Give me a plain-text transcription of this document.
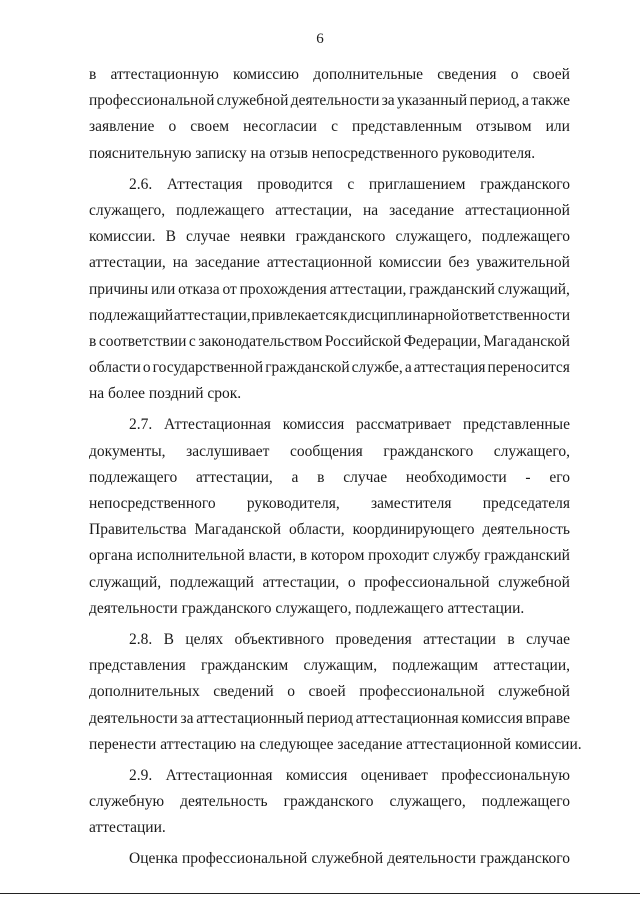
6
в аттестационную комиссию дополнительные сведения о своей
профессиональной служебной деятельности за указанный период, а также
заявление о своем несогласии с представленным отзывом или
пояснительную записку на отзыв непосредственного руководителя.
2.6. Аттестация проводится с приглашением гражданского
служащего, подлежащего аттестации, на заседание аттестационной
комиссии. В случае неявки гражданского служащего, подлежащего
аттестации, на заседание аттестационной комиссии без уважительной
причины или отказа от прохождения аттестации, гражданский служащий,
подлежащий аттестации, привлекается к дисциплинарной ответственности
в соответствии с законодательством Российской Федерации, Магаданской
области о государственной гражданской службе, а аттестация переносится
на более поздний срок.
2.7. Аттестационная комиссия рассматривает представленные
документы, заслушивает сообщения гражданского служащего,
подлежащего аттестации, а в случае необходимости - его
непосредственного руководителя, заместителя председателя
Правительства Магаданской области, координирующего деятельность
органа исполнительной власти, в котором проходит службу гражданский
служащий, подлежащий аттестации, о профессиональной служебной
деятельности гражданского служащего, подлежащего аттестации.
2.8. В целях объективного проведения аттестации в случае
представления гражданским служащим, подлежащим аттестации,
дополнительных сведений о своей профессиональной служебной
деятельности за аттестационный период аттестационная комиссия вправе
перенести аттестацию на следующее заседание аттестационной комиссии.
2.9. Аттестационная комиссия оценивает профессиональную
служебную деятельность гражданского служащего, подлежащего
аттестации.
Оценка профессиональной служебной деятельности гражданского
